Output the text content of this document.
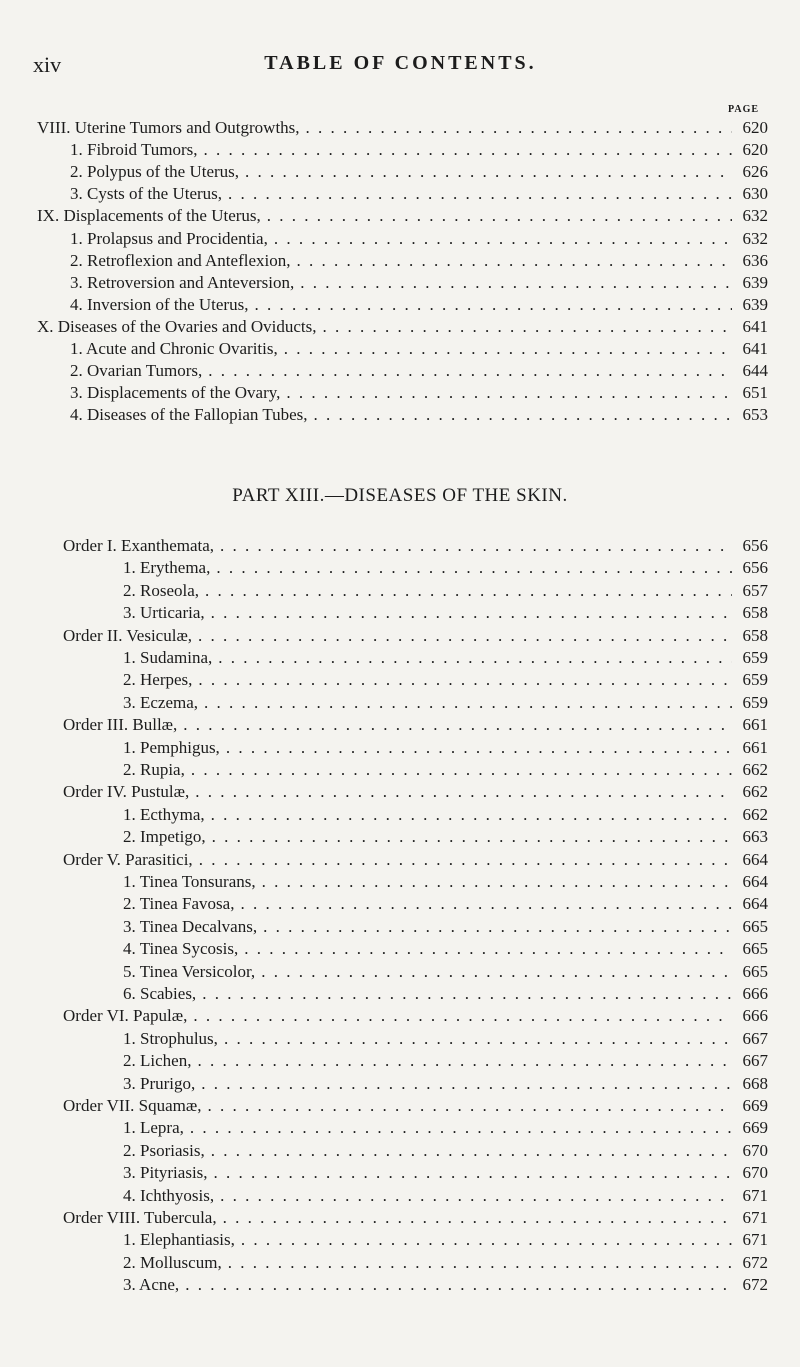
xiv	TABLE OF CONTENTS.
PAGE
VIII. Uterine Tumors and Outgrowths, . . .	620
1. Fibroid Tumors, . . .	620
2. Polypus of the Uterus, . . .	626
3. Cysts of the Uterus, . . .	630
IX. Displacements of the Uterus, . . .	632
1. Prolapsus and Procidentia, . . .	632
2. Retroflexion and Anteflexion, . . .	636
3. Retroversion and Anteversion, . . .	639
4. Inversion of the Uterus, . . .	639
X. Diseases of the Ovaries and Oviducts, . . .	641
1. Acute and Chronic Ovaritis, . . .	641
2. Ovarian Tumors, . . .	644
3. Displacements of the Ovary, . . .	651
4. Diseases of the Fallopian Tubes, . . .	653
PART XIII.—DISEASES OF THE SKIN.
Order I. Exanthemata, . . .	656
1. Erythema, . . .	656
2. Roseola, . . .	657
3. Urticaria, . . .	658
Order II. Vesiculæ, . . .	658
1. Sudamina, . . .	659
2. Herpes, . . .	659
3. Eczema, . . .	659
Order III. Bullæ, . . .	661
1. Pemphigus, . . .	661
2. Rupia, . . .	662
Order IV. Pustulæ, . . .	662
1. Ecthyma, . . .	662
2. Impetigo, . . .	663
Order V. Parasitici, . . .	664
1. Tinea Tonsurans, . . .	664
2. Tinea Favosa, . . .	664
3. Tinea Decalvans, . . .	665
4. Tinea Sycosis, . . .	665
5. Tinea Versicolor, . . .	665
6. Scabies, . . .	666
Order VI. Papulæ, . . .	666
1. Strophulus, . . .	667
2. Lichen, . . .	667
3. Prurigo, . . .	668
Order VII. Squamæ, . . .	669
1. Lepra, . . .	669
2. Psoriasis, . . .	670
3. Pityriasis, . . .	670
4. Ichthyosis, . . .	671
Order VIII. Tubercula, . . .	671
1. Elephantiasis, . . .	671
2. Molluscum, . . .	672
3. Acne, . . .	672
